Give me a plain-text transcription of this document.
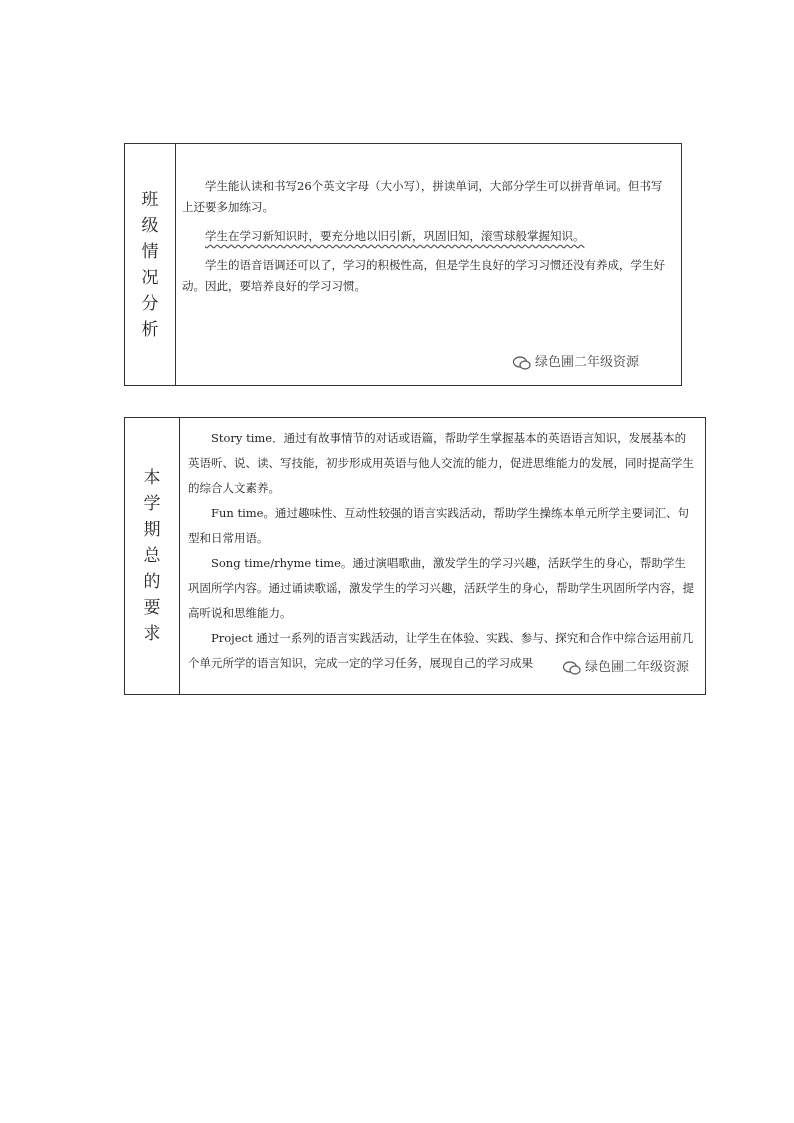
班
级
情
况
分
析

学生能认读和书写26个英文字母（大小写），拼读单词，大部分学生可以拼背单词。但书写上还要多加练习。

学生在学习新知识时，要充分地以旧引新，巩固旧知，滚雪球般掌握知识。

学生的语音语调还可以了，学习的积极性高，但是学生良好的学习习惯还没有养成，学生好动。因此，要培养良好的学习习惯。

绿色圃二年级资源
本
学
期
总
的
要
求

Story time．通过有故事情节的对话或语篇，帮助学生掌握基本的英语语言知识，发展基本的英语听、说、读、写技能，初步形成用英语与他人交流的能力，促进思维能力的发展，同时提高学生的综合人文素养。

Fun time。通过趣味性、互动性较强的语言实践活动，帮助学生操练本单元所学主要词汇、句型和日常用语。

Song time/rhyme time。通过演唱歌曲，激发学生的学习兴趣，活跃学生的身心，帮助学生巩固所学内容。通过诵读歌谣，激发学生的学习兴趣，活跃学生的身心，帮助学生巩固所学内容，提高听说和思维能力。

Project 通过一系列的语言实践活动，让学生在体验、实践、参与、探究和合作中综合运用前几个单元所学的语言知识，完成一定的学习任务，展现自己的学习成果	绿色圃二年级资源
